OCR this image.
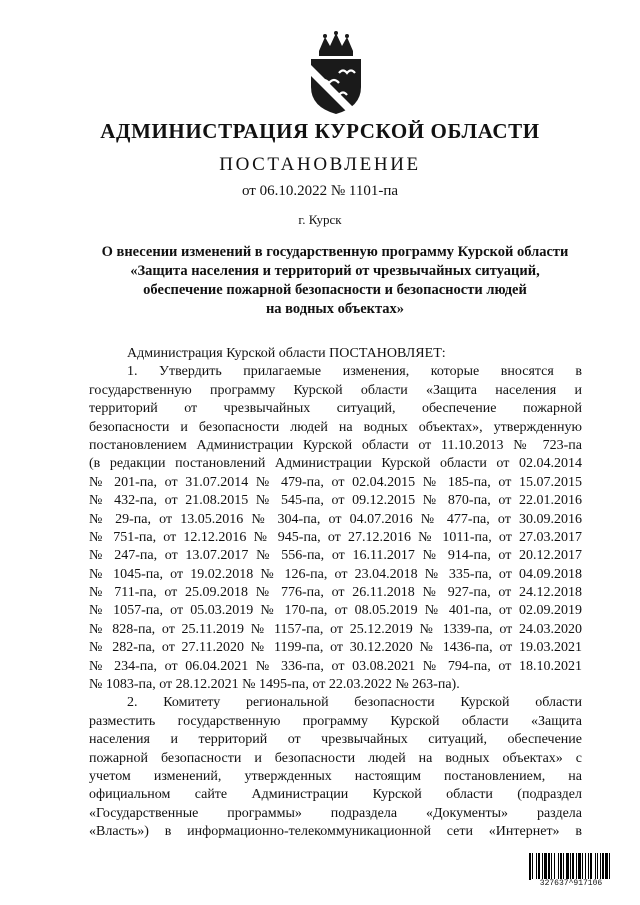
АДМИНИСТРАЦИЯ КУРСКОЙ ОБЛАСТИ
ПОСТАНОВЛЕНИЕ
от 06.10.2022 № 1101-па
г. Курск
О внесении изменений в государственную программу Курской области
«Защита населения и территорий от чрезвычайных ситуаций,
обеспечение пожарной безопасности и безопасности людей
на водных объектах»
Администрация Курской области ПОСТАНОВЛЯЕТ:
1. Утвердить прилагаемые изменения, которые вносятся в
государственную программу Курской области «Защита населения и
территорий от чрезвычайных ситуаций, обеспечение пожарной
безопасности и безопасности людей на водных объектах», утвержденную
постановлением Администрации Курской области от 11.10.2013 № 723-па
(в редакции постановлений Администрации Курской области от 02.04.2014
№ 201-па, от 31.07.2014 № 479-па, от 02.04.2015 № 185-па, от 15.07.2015
№ 432-па, от 21.08.2015 № 545-па, от 09.12.2015 № 870-па, от 22.01.2016
№ 29-па, от 13.05.2016 № 304-па, от 04.07.2016 № 477-па, от 30.09.2016
№ 751-па, от 12.12.2016 № 945-па, от 27.12.2016 № 1011-па, от 27.03.2017
№ 247-па, от 13.07.2017 № 556-па, от 16.11.2017 № 914-па, от 20.12.2017
№ 1045-па, от 19.02.2018 № 126-па, от 23.04.2018 № 335-па, от 04.09.2018
№ 711-па, от 25.09.2018 № 776-па, от 26.11.2018 № 927-па, от 24.12.2018
№ 1057-па, от 05.03.2019 № 170-па, от 08.05.2019 № 401-па, от 02.09.2019
№ 828-па, от 25.11.2019 № 1157-па, от 25.12.2019 № 1339-па, от 24.03.2020
№ 282-па, от 27.11.2020 № 1199-па, от 30.12.2020 № 1436-па, от 19.03.2021
№ 234-па, от 06.04.2021 № 336-па, от 03.08.2021 № 794-па, от 18.10.2021
№ 1083-па, от 28.12.2021 № 1495-па, от 22.03.2022 № 263-па).
2. Комитету региональной безопасности Курской области
разместить государственную программу Курской области «Защита
населения и территорий от чрезвычайных ситуаций, обеспечение
пожарной безопасности и безопасности людей на водных объектах» с
учетом изменений, утвержденных настоящим постановлением, на
официальном сайте Администрации Курской области (подраздел
«Государственные программы» подраздела «Документы» раздела
«Власть») в информационно-телекоммуникационной сети «Интернет» в
327637^917106
